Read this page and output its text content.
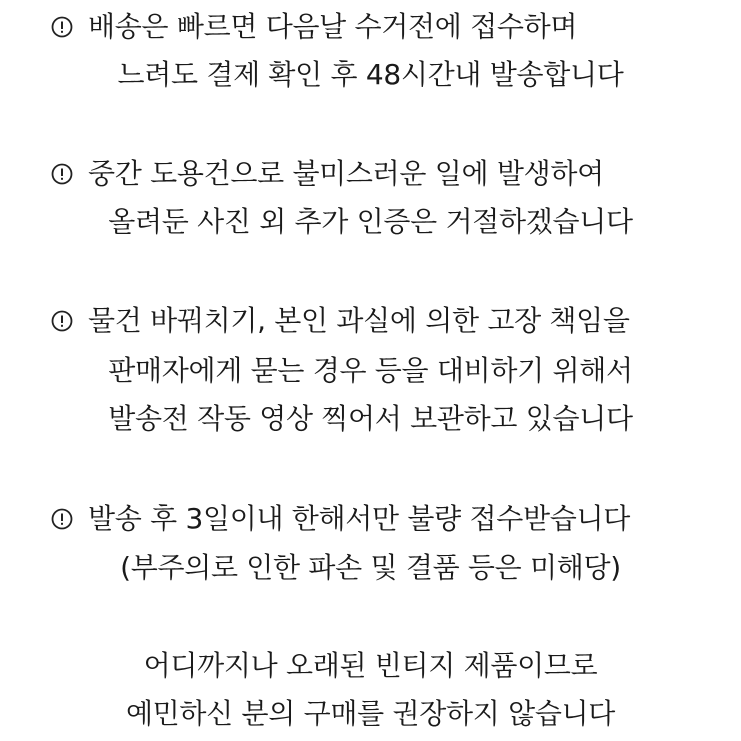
배송은 빠르면 다음날 수거전에 접수하며
느려도 결제 확인 후 48시간내 발송합니다
중간 도용건으로 불미스러운 일에 발생하여
올려둔 사진 외 추가 인증은 거절하겠습니다
물건 바꿔치기, 본인 과실에 의한 고장 책임을
판매자에게 묻는 경우 등을 대비하기 위해서
발송전 작동 영상 찍어서 보관하고 있습니다
발송 후 3일이내 한해서만 불량 접수받습니다
(부주의로 인한 파손 및 결품 등은 미해당)
어디까지나 오래된 빈티지 제품이므로
예민하신 분의 구매를 권장하지 않습니다
